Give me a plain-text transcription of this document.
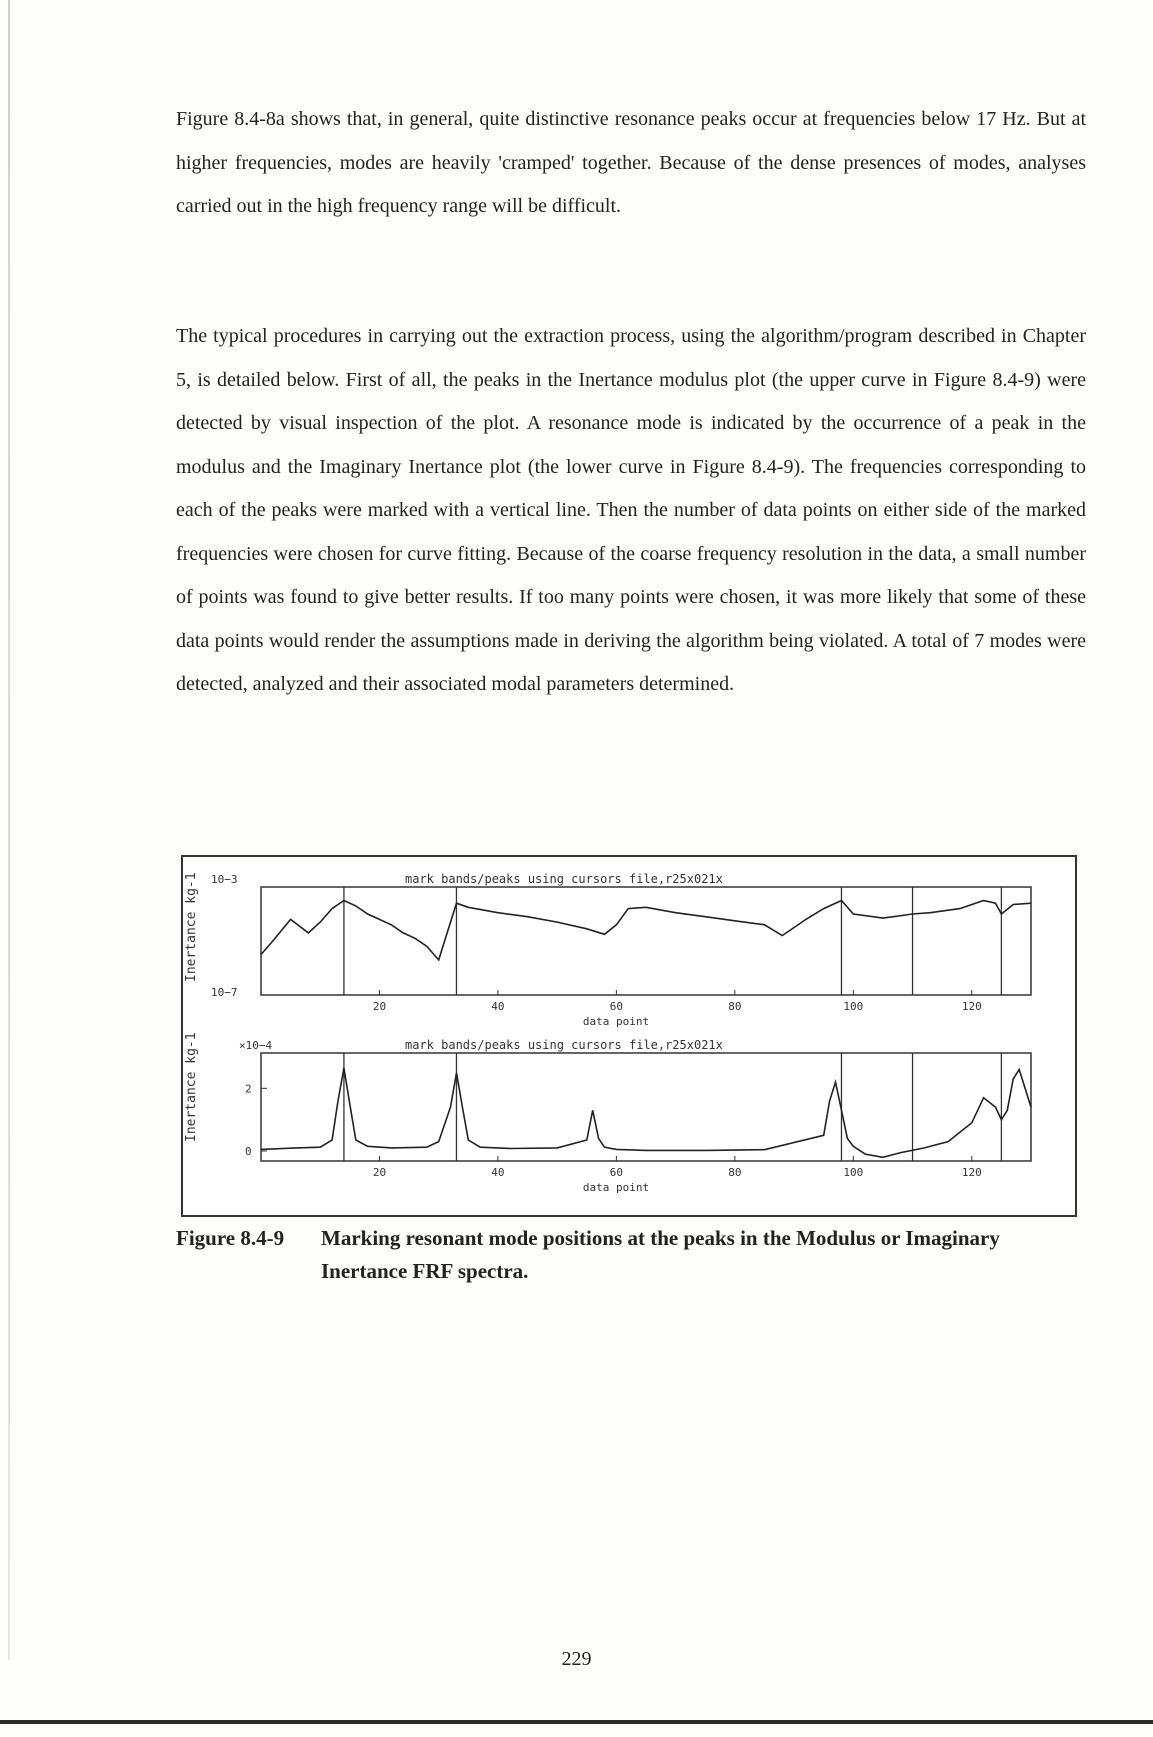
Figure 8.4-8a shows that, in general, quite distinctive resonance peaks occur at frequencies below 17 Hz. But at higher frequencies, modes are heavily 'cramped' together. Because of the dense presences of modes, analyses carried out in the high frequency range will be difficult.

The typical procedures in carrying out the extraction process, using the algorithm/program described in Chapter 5, is detailed below. First of all, the peaks in the Inertance modulus plot (the upper curve in Figure 8.4-9) were detected by visual inspection of the plot. A resonance mode is indicated by the occurrence of a peak in the modulus and the Imaginary Inertance plot (the lower curve in Figure 8.4-9). The frequencies corresponding to each of the peaks were marked with a vertical line. Then the number of data points on either side of the marked frequencies were chosen for curve fitting. Because of the coarse frequency resolution in the data, a small number of points was found to give better results. If too many points were chosen, it was more likely that some of these data points would render the assumptions made in deriving the algorithm being violated. A total of 7 modes were detected, analyzed and their associated modal parameters determined.

mark bands/peaks using cursors file,r25x021x
10−3
10−7
Inertance kg-1
20	40	60	80	100	120
data point
mark bands/peaks using cursors file,r25x021x
×10−4
Inertance kg-1
0
2
20	40	60	80	100	120
data point
Figure 8.4-9	Marking resonant mode positions at the peaks in the Modulus or Imaginary Inertance FRF spectra.
229
